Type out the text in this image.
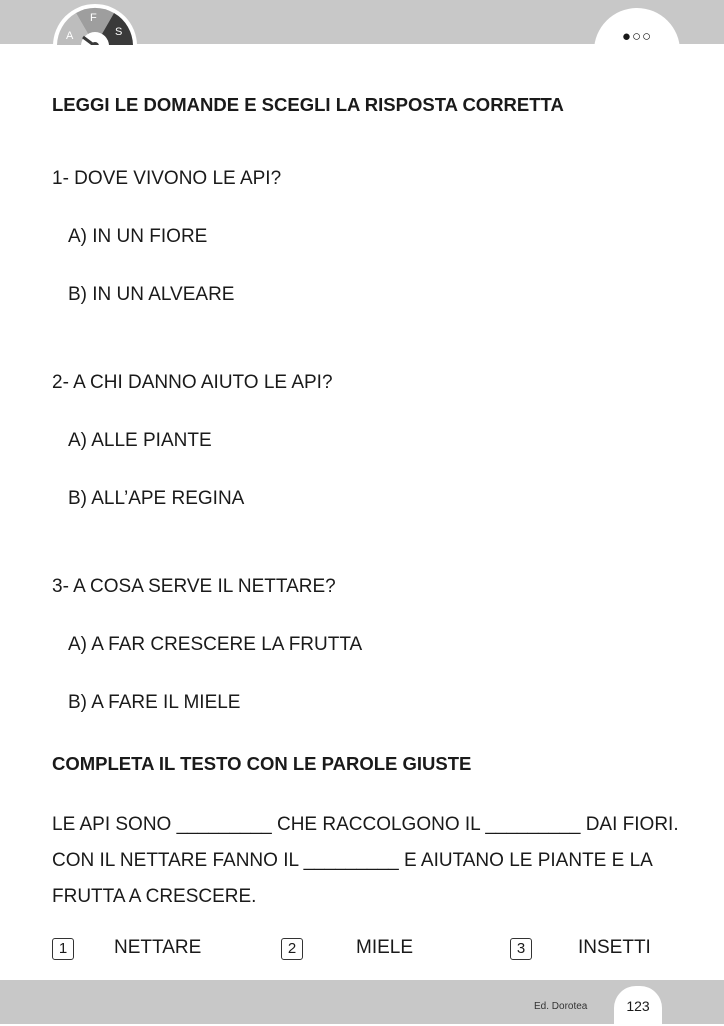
A
F
S	●○○
LEGGI LE DOMANDE E SCEGLI LA RISPOSTA CORRETTA

1- DOVE VIVONO LE API?

A) IN UN FIORE

B) IN UN ALVEARE

2- A CHI DANNO AIUTO LE API?

A) ALLE PIANTE

B) ALL’APE REGINA

3- A COSA SERVE IL NETTARE?

A) A FAR CRESCERE LA FRUTTA

B) A FARE IL MIELE

COMPLETA IL TESTO CON LE PAROLE GIUSTE

LE API SONO _________ CHE RACCOLGONO IL _________ DAI FIORI.

CON IL NETTARE FANNO IL _________ E AIUTANO LE PIANTE E LA

FRUTTA A CRESCERE.

1	NETTARE	2	MIELE	3	INSETTI
Ed. Dorotea	123
